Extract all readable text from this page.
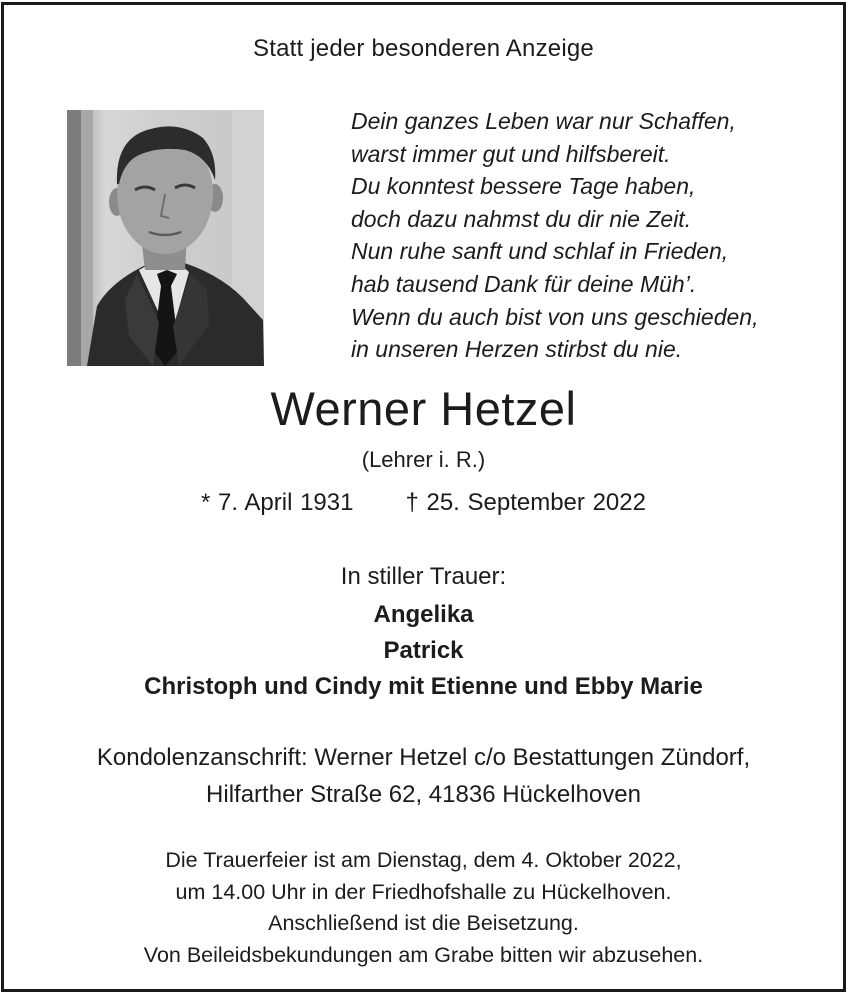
Statt jeder besonderen Anzeige
Dein ganzes Leben war nur Schaffen,
warst immer gut und hilfsbereit.
Du konntest bessere Tage haben,
doch dazu nahmst du dir nie Zeit.
Nun ruhe sanft und schlaf in Frieden,
hab tausend Dank für deine Müh’.
Wenn du auch bist von uns geschieden,
in unseren Herzen stirbst du nie.
Werner Hetzel
(Lehrer i. R.)
* 7. April 1931 † 25. September 2022
In stiller Trauer:
Angelika
Patrick
Christoph und Cindy mit Etienne und Ebby Marie
Kondolenzanschrift: Werner Hetzel c/o Bestattungen Zündorf,
Hilfarther Straße 62, 41836 Hückelhoven
Die Trauerfeier ist am Dienstag, dem 4. Oktober 2022,
um 14.00 Uhr in der Friedhofshalle zu Hückelhoven.
Anschließend ist die Beisetzung.
Von Beileidsbekundungen am Grabe bitten wir abzusehen.
